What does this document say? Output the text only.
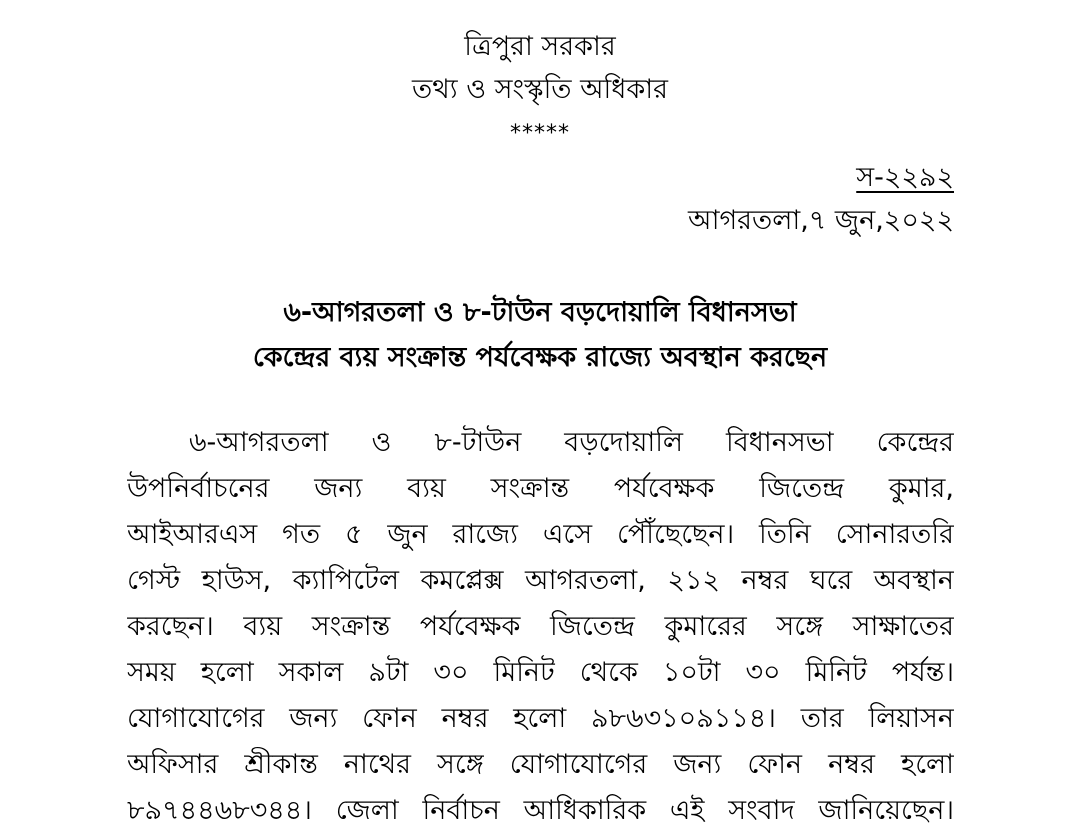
ত্রিপুরা সরকার
তথ্য ও সংস্কৃতি অধিকার
*****
স-২২৯২
আগরতলা,৭ জুন,২০২২
৬-আগরতলা ও ৮-টাউন বড়দোয়ালি বিধানসভা
কেন্দ্রের ব্যয় সংক্রান্ত পর্যবেক্ষক রাজ্যে অবস্থান করছেন
৬-আগরতলা ও ৮-টাউন বড়দোয়ালি বিধানসভা কেন্দ্রের
উপনির্বাচনের জন্য ব্যয় সংক্রান্ত পর্যবেক্ষক জিতেন্দ্র কুমার,
আইআরএস গত ৫ জুন রাজ্যে এসে পৌঁছেছেন। তিনি সোনারতরি
গেস্ট হাউস, ক্যাপিটেল কমপ্লেক্স আগরতলা, ২১২ নম্বর ঘরে অবস্থান
করছেন। ব্যয় সংক্রান্ত পর্যবেক্ষক জিতেন্দ্র কুমারের সঙ্গে সাক্ষাতের
সময় হলো সকাল ৯টা ৩০ মিনিট থেকে ১০টা ৩০ মিনিট পর্যন্ত।
যোগাযোগের জন্য ফোন নম্বর হলো ৯৮৬৩১০৯১১৪। তার লিয়াসন
অফিসার শ্রীকান্ত নাথের সঙ্গে যোগাযোগের জন্য ফোন নম্বর হলো
৮৯৭৪৪৬৮৩৪৪। জেলা নির্বাচন আধিকারিক এই সংবাদ জানিয়েছেন।
